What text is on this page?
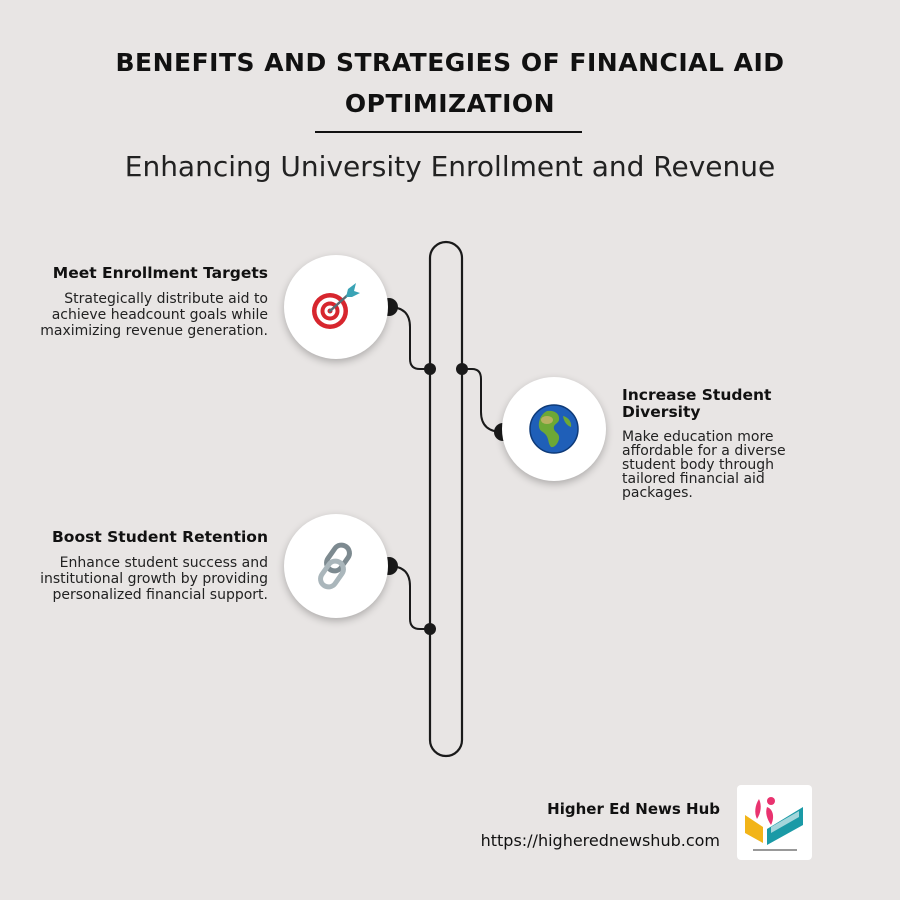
BENEFITS AND STRATEGIES OF FINANCIAL AID OPTIMIZATION
Enhancing University Enrollment and Revenue
Meet Enrollment Targets

Strategically distribute aid to achieve headcount goals while maximizing revenue generation.

Increase Student Diversity

Make education more affordable for a diverse student body through tailored financial aid packages.

Boost Student Retention

Enhance student success and institutional growth by providing personalized financial support.

Higher Ed News Hub
https://higherednewshub.com
